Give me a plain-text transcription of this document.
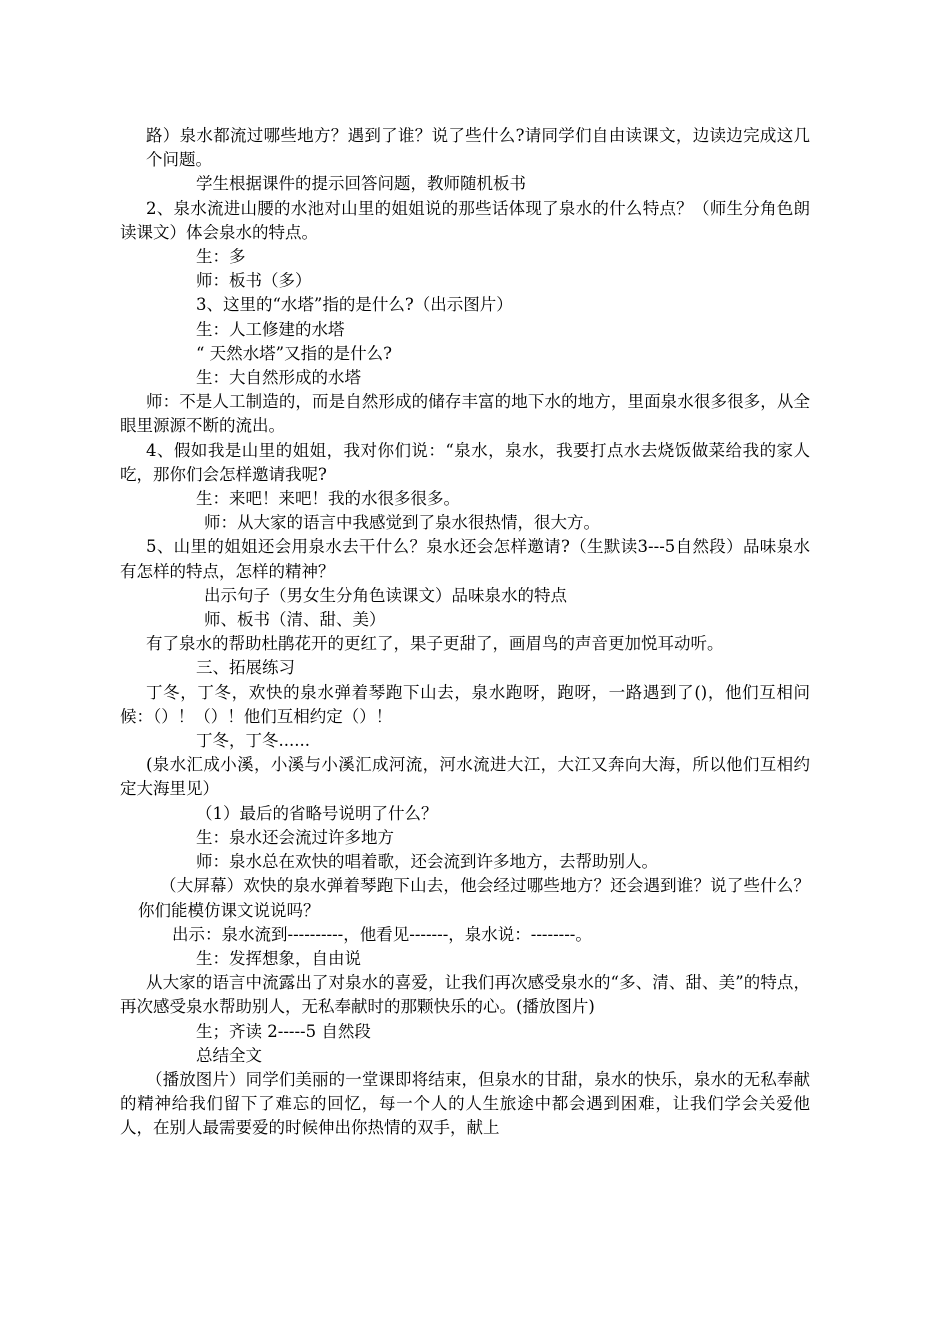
路）泉水都流过哪些地方？遇到了谁？说了些什么?请同学们自由读课文，边读边完成这几个问题。

学生根据课件的提示回答问题，教师随机板书

2、泉水流进山腰的水池对山里的姐姐说的那些话体现了泉水的什么特点？（师生分角色朗读课文）体会泉水的特点。

生：多

师：板书（多）

3、这里的“水塔”指的是什么?（出示图片）

生：人工修建的水塔

“ 天然水塔”又指的是什么?

生：大自然形成的水塔

师：不是人工制造的，而是自然形成的储存丰富的地下水的地方，里面泉水很多很多，从全眼里源源不断的流出。

4、假如我是山里的姐姐，我对你们说：“泉水，泉水，我要打点水去烧饭做菜给我的家人吃，那你们会怎样邀请我呢?

生：来吧！来吧！我的水很多很多。

师：从大家的语言中我感觉到了泉水很热情，很大方。

5、山里的姐姐还会用泉水去干什么？泉水还会怎样邀请?（生默读3---5自然段）品味泉水有怎样的特点，怎样的精神？

出示句子（男女生分角色读课文）品味泉水的特点

师、板书（清、甜、美）

有了泉水的帮助杜鹃花开的更红了，果子更甜了，画眉鸟的声音更加悦耳动听。

三、拓展练习

丁冬，丁冬，欢快的泉水弹着琴跑下山去，泉水跑呀，跑呀，一路遇到了()，他们互相问候：（）！（）！他们互相约定（）！

丁冬，丁冬......

(泉水汇成小溪，小溪与小溪汇成河流，河水流进大江，大江又奔向大海，所以他们互相约定大海里见）

（1）最后的省略号说明了什么？

生：泉水还会流过许多地方

师：泉水总在欢快的唱着歌，还会流到许多地方，去帮助别人。

（大屏幕）欢快的泉水弹着琴跑下山去，他会经过哪些地方？还会遇到谁？说了些什么？你们能模仿课文说说吗？

出示：泉水流到----------，他看见-------，泉水说：--------。

生：发挥想象，自由说

从大家的语言中流露出了对泉水的喜爱，让我们再次感受泉水的“多、清、甜、美”的特点，再次感受泉水帮助别人，无私奉献时的那颗快乐的心。(播放图片)

生；齐读 2-----5 自然段

总结全文

（播放图片）同学们美丽的一堂课即将结束，但泉水的甘甜，泉水的快乐，泉水的无私奉献的精神给我们留下了难忘的回忆，每一个人的人生旅途中都会遇到困难，让我们学会关爱他人，在别人最需要爱的时候伸出你热情的双手，献上
